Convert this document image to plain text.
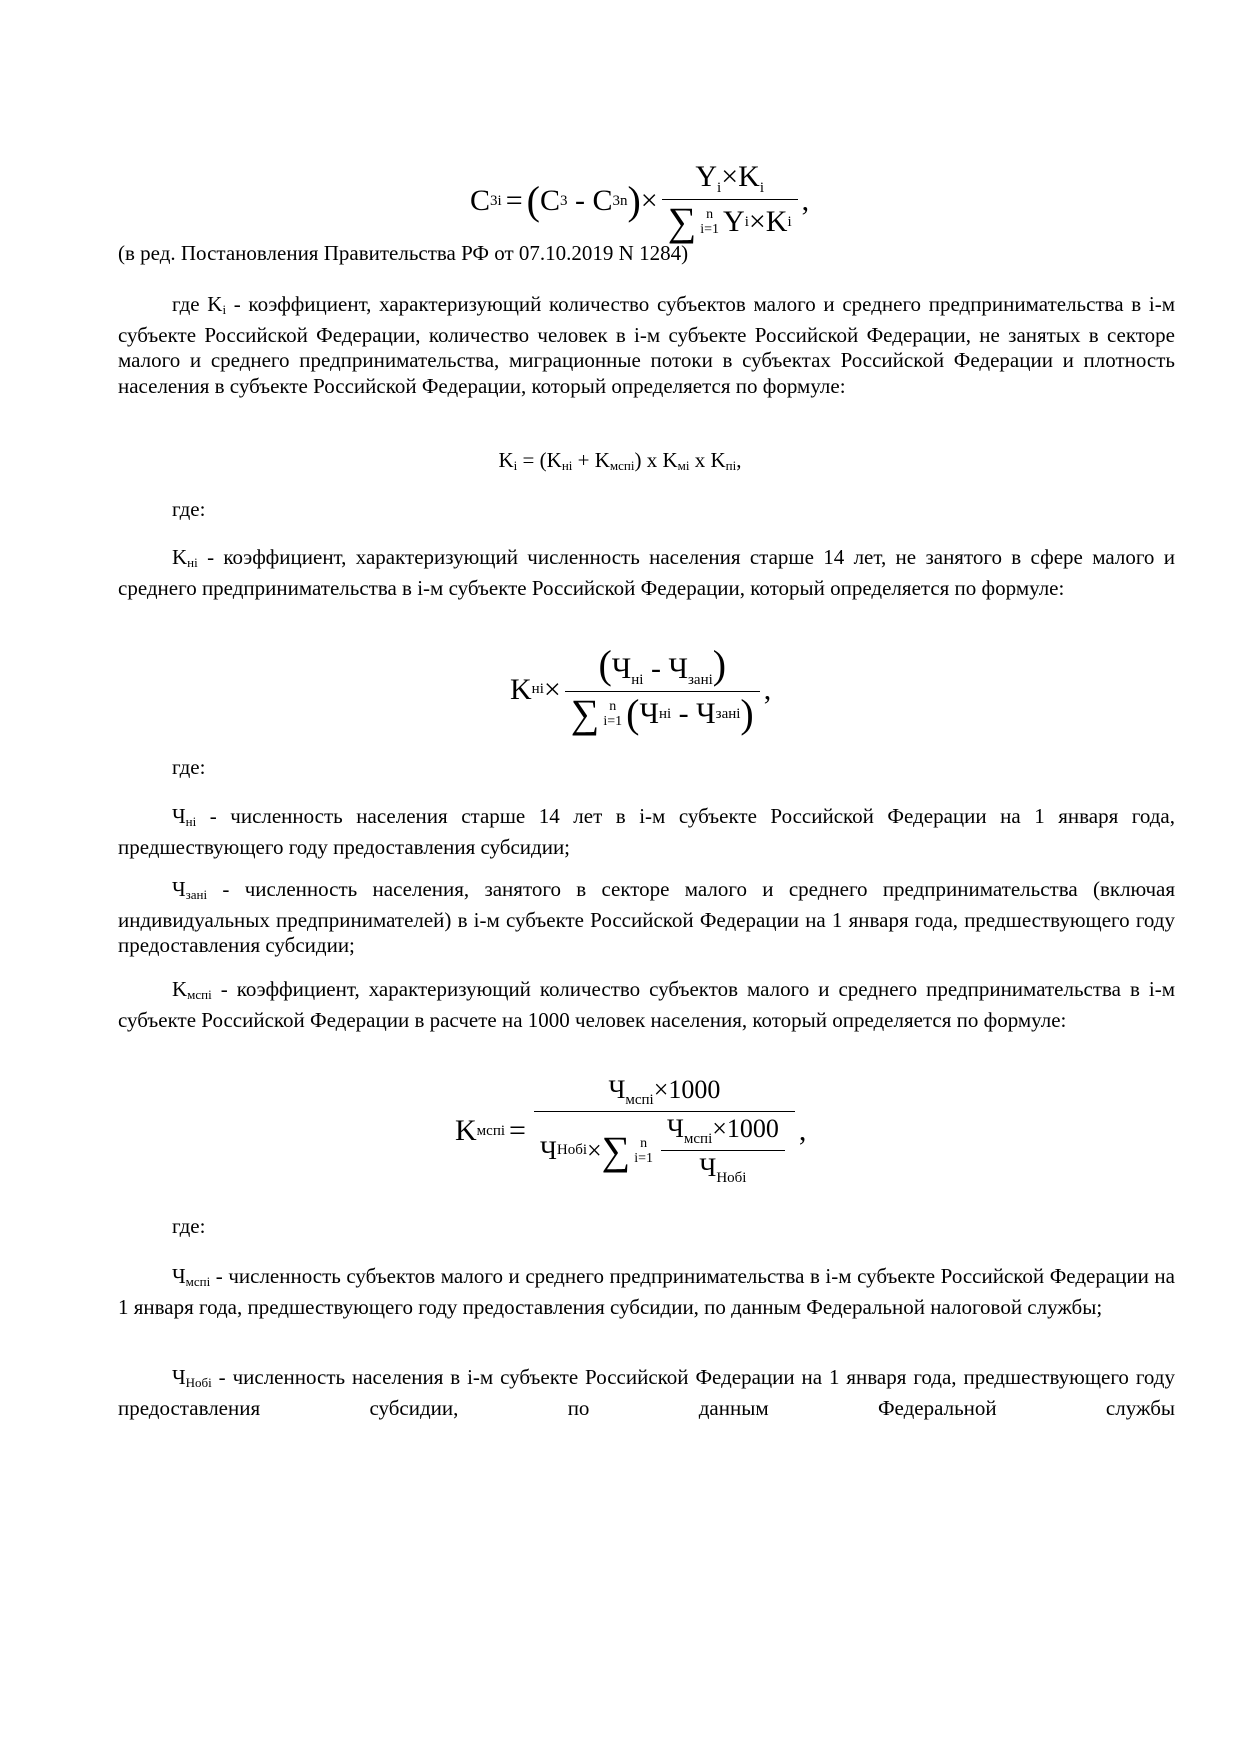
C 3i = ( C 3 - C 3n ) × $Y_i\times K_i$
∑ n
i=1 Y i × K i ,
(в ред. Постановления Правительства РФ от 07.10.2019 N 1284)
где $K_i$ - коэффициент, характеризующий количество субъектов малого и среднего предпринимательства в i-м субъекте Российской Федерации, количество человек в i-м субъекте Российской Федерации, не занятых в секторе малого и среднего предпринимательства, миграционные потоки в субъектах Российской Федерации и плотность населения в субъекте Российской Федерации, который определяется по формуле:
$K_i = (K_{ні} + K_{мспі})$ x $K_{мі}$ x $K_{пі}$,
где:
$K_{ні}$ - коэффициент, характеризующий численность населения старше 14 лет, не занятого в сфере малого и среднего предпринимательства в i-м субъекте Российской Федерации, который определяется по формуле:
K ні × $(Ч_{ні} - Ч_{зані})$
∑ n
i=1 ( Ч ні - Ч зані ) ,
где:
$Ч_{ні}$ - численность населения старше 14 лет в i-м субъекте Российской Федерации на 1 января года, предшествующего году предоставления субсидии;
$Ч_{зані}$ - численность населения, занятого в секторе малого и среднего предпринимательства (включая индивидуальных предпринимателей) в i-м субъекте Российской Федерации на 1 января года, предшествующего году предоставления субсидии;
$K_{мспі}$ - коэффициент, характеризующий количество субъектов малого и среднего предпринимательства в i-м субъекте Российской Федерации в расчете на 1000 человек населения, который определяется по формуле:
K мспі = $Ч_{мспі}\times 1000$
Ч Нобі × ∑ n
$i=1 \frac{Ч_{мспі}\times 1000}{Ч_{Нобі}}$ ,
где:
$Ч_{мспі}$ - численность субъектов малого и среднего предпринимательства в i-м субъекте Российской Федерации на 1 января года, предшествующего году предоставления субсидии, по данным Федеральной налоговой службы;
$Ч_{Нобі}$ - численность населения в i-м субъекте Российской Федерации на 1 января года, предшествующего году предоставления субсидии, по данным Федеральной службы
